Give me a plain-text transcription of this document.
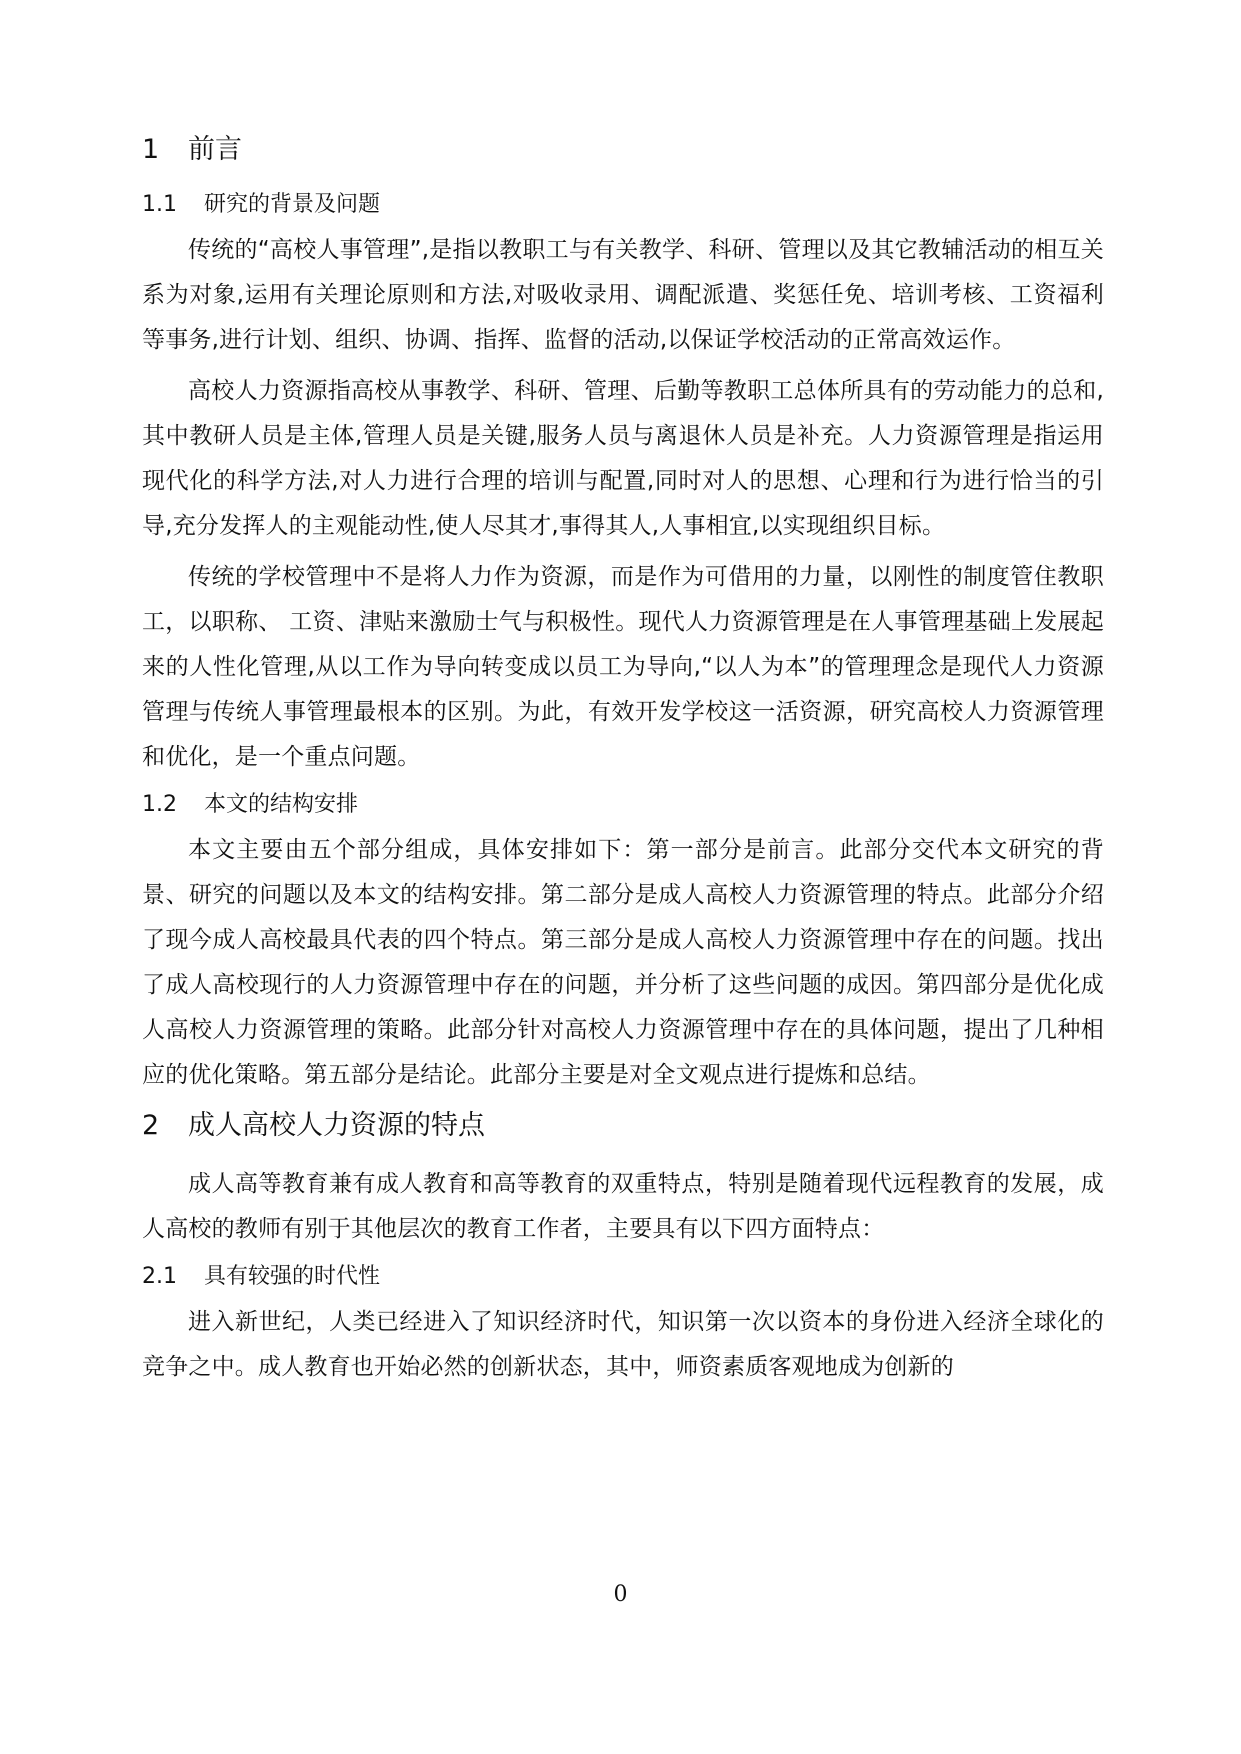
1	前言
1.1	研究的背景及问题

传统的“高校人事管理”,是指以教职工与有关教学、科研、管理以及其它教辅活动的相互关系为对象,运用有关理论原则和方法,对吸收录用、调配派遣、奖惩任免、培训考核、工资福利等事务,进行计划、组织、协调、指挥、监督的活动,以保证学校活动的正常高效运作。

高校人力资源指高校从事教学、科研、管理、后勤等教职工总体所具有的劳动能力的总和,其中教研人员是主体,管理人员是关键,服务人员与离退休人员是补充。人力资源管理是指运用现代化的科学方法,对人力进行合理的培训与配置,同时对人的思想、心理和行为进行恰当的引导,充分发挥人的主观能动性,使人尽其才,事得其人,人事相宜,以实现组织目标。

传统的学校管理中不是将人力作为资源，而是作为可借用的力量，以刚性的制度管住教职工，以职称、 工资、津贴来激励士气与积极性。现代人力资源管理是在人事管理基础上发展起来的人性化管理,从以工作为导向转变成以员工为导向,“以人为本”的管理理念是现代人力资源管理与传统人事管理最根本的区别。为此，有效开发学校这一活资源，研究高校人力资源管理和优化，是一个重点问题。

1.2	本文的结构安排

本文主要由五个部分组成，具体安排如下：第一部分是前言。此部分交代本文研究的背景、研究的问题以及本文的结构安排。第二部分是成人高校人力资源管理的特点。此部分介绍了现今成人高校最具代表的四个特点。第三部分是成人高校人力资源管理中存在的问题。找出了成人高校现行的人力资源管理中存在的问题，并分析了这些问题的成因。第四部分是优化成人高校人力资源管理的策略。此部分针对高校人力资源管理中存在的具体问题，提出了几种相应的优化策略。第五部分是结论。此部分主要是对全文观点进行提炼和总结。

2	成人高校人力资源的特点

成人高等教育兼有成人教育和高等教育的双重特点，特别是随着现代远程教育的发展，成人高校的教师有别于其他层次的教育工作者，主要具有以下四方面特点：

2.1	具有较强的时代性

进入新世纪，人类已经进入了知识经济时代，知识第一次以资本的身份进入经济全球化的竞争之中。成人教育也开始必然的创新状态，其中，师资素质客观地成为创新的

0
